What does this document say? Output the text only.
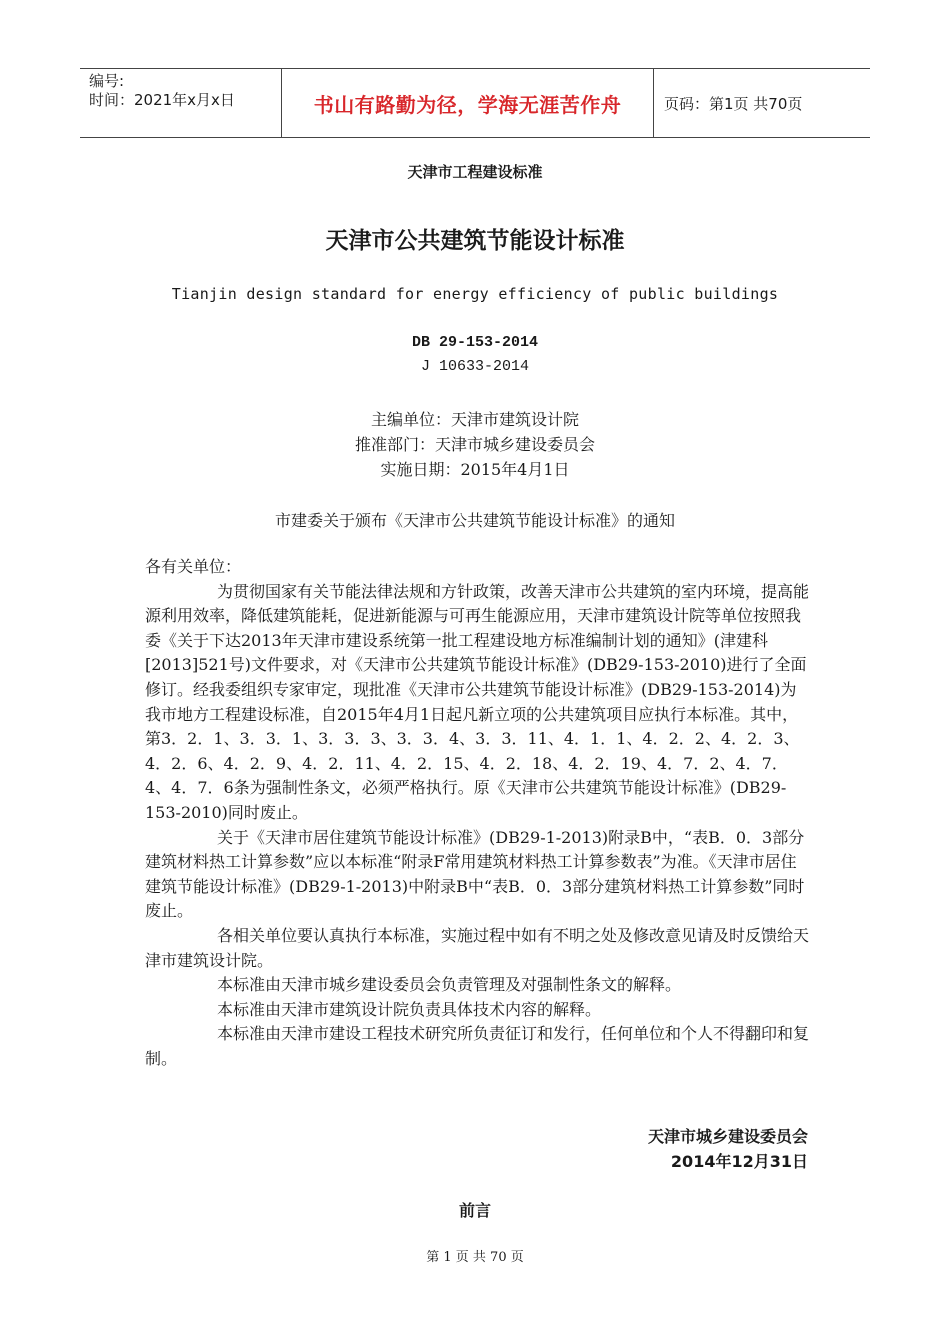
编号:
时间：2021年x月x日	书山有路勤为径，学海无涯苦作舟	页码：第1页 共70页
天津市工程建设标准
天津市公共建筑节能设计标准
Tianjin design standard for energy efficiency of public buildings
DB 29-153-2014
J 10633-2014
主编单位：天津市建筑设计院
推准部门：天津市城乡建设委员会
实施日期：2015年4月1日
市建委关于颁布《天津市公共建筑节能设计标准》的通知

各有关单位：

为贯彻国家有关节能法律法规和方针政策，改善天津市公共建筑的室内环境，提高能源利用效率，降低建筑能耗，促进新能源与可再生能源应用，天津市建筑设计院等单位按照我委《关于下达2013年天津市建设系统第一批工程建设地方标准编制计划的通知》(津建科[2013]521号)文件要求，对《天津市公共建筑节能设计标准》(DB29-153-2010)进行了全面修订。经我委组织专家审定，现批准《天津市公共建筑节能设计标准》(DB29-153-2014)为我市地方工程建设标准，自2015年4月1日起凡新立项的公共建筑项目应执行本标准。其中，第3．2．1、3．3．1、3．3．3、3．3．4、3．3．11、4．1．1、4．2．2、4．2．3、4．2．6、4．2．9、4．2．11、4．2．15、4．2．18、4．2．19、4．7．2、4．7．4、4．7．6条为强制性条文，必须严格执行。原《天津市公共建筑节能设计标准》(DB29-153-2010)同时废止。

关于《天津市居住建筑节能设计标准》(DB29-1-2013)附录B中，“表B．0．3部分建筑材料热工计算参数”应以本标准“附录F常用建筑材料热工计算参数表”为准。《天津市居住建筑节能设计标准》(DB29-1-2013)中附录B中“表B．0．3部分建筑材料热工计算参数”同时废止。

各相关单位要认真执行本标准，实施过程中如有不明之处及修改意见请及时反馈给天津市建筑设计院。

本标准由天津市城乡建设委员会负责管理及对强制性条文的解释。

本标准由天津市建筑设计院负责具体技术内容的解释。

本标准由天津市建设工程技术研究所负责征订和发行，任何单位和个人不得翻印和复制。

天津市城乡建设委员会
2014年12月31日
前言
第 1 页 共 70 页
